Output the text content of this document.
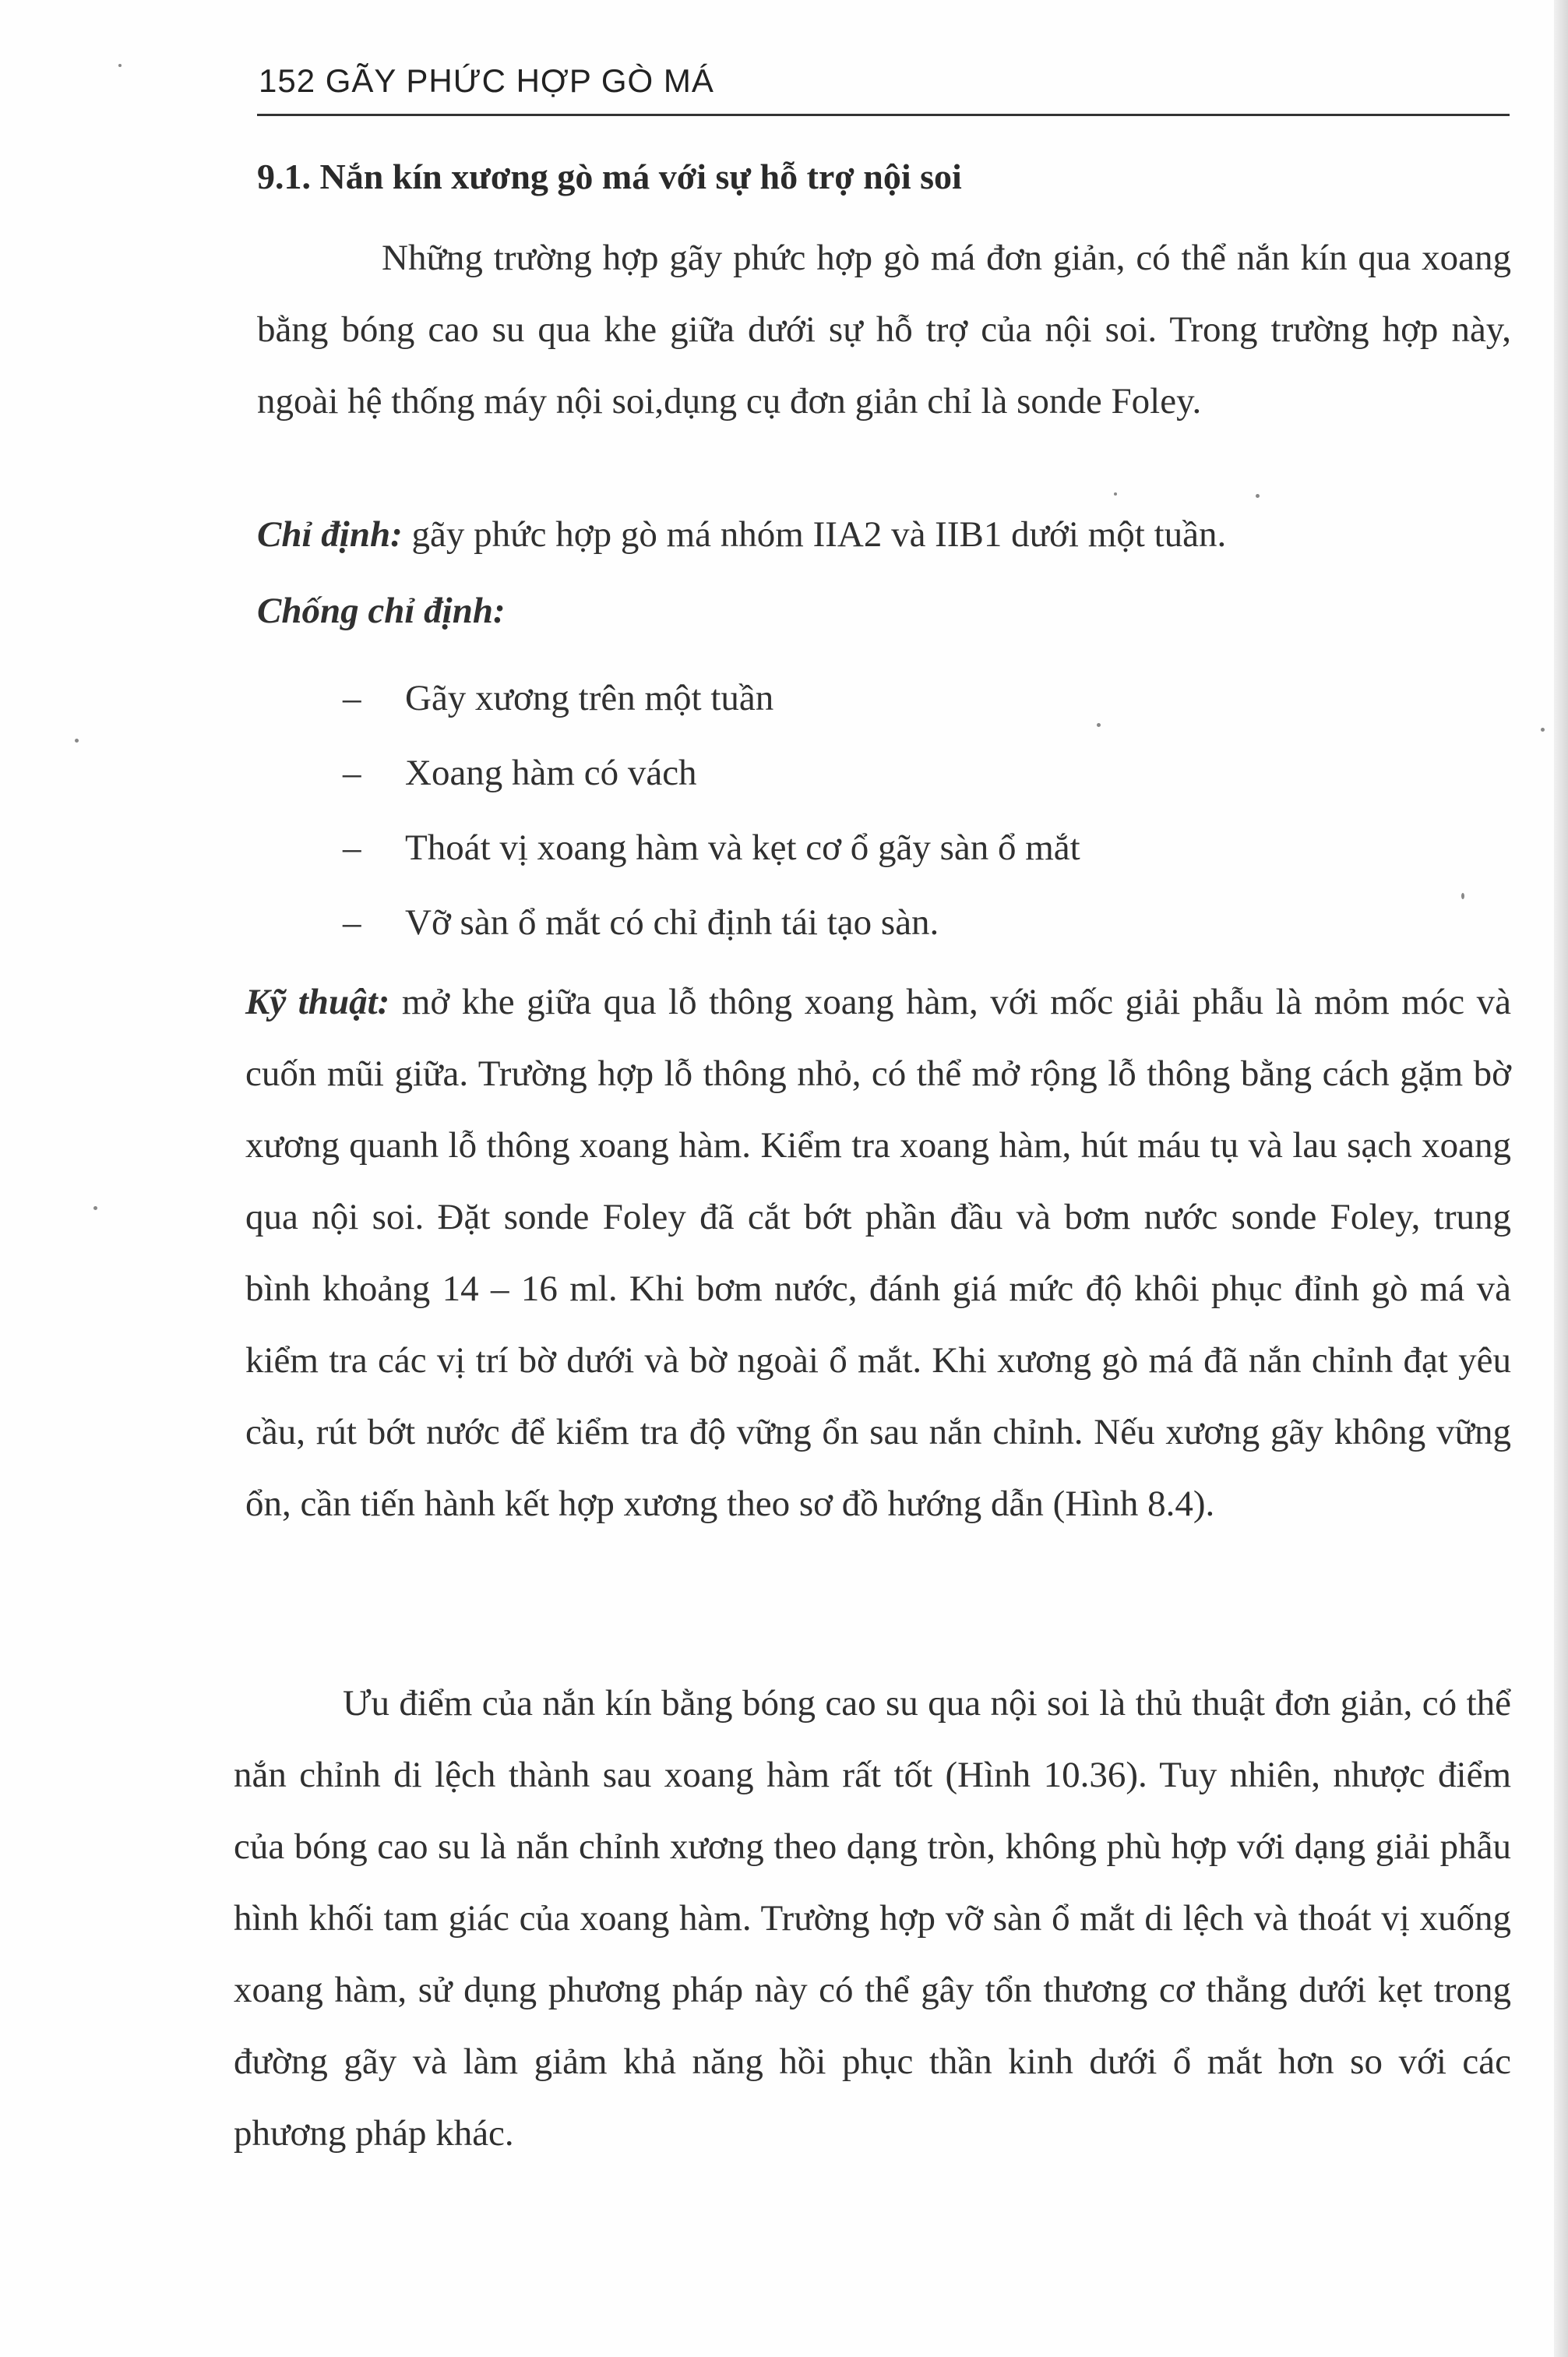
152 GÃY PHỨC HỢP GÒ MÁ
9.1. Nắn kín xương gò má với sự hỗ trợ nội soi
Những trường hợp gãy phức hợp gò má đơn giản, có thể nắn kín qua xoang bằng bóng cao su qua khe giữa dưới sự hỗ trợ của nội soi. Trong trường hợp này, ngoài hệ thống máy nội soi,dụng cụ đơn giản chỉ là sonde Foley.
Chỉ định: gãy phức hợp gò má nhóm IIA2 và IIB1 dưới một tuần.
Chống chỉ định:
– Gãy xương trên một tuần
– Xoang hàm có vách
– Thoát vị xoang hàm và kẹt cơ ổ gãy sàn ổ mắt
– Vỡ sàn ổ mắt có chỉ định tái tạo sàn.
Kỹ thuật: mở khe giữa qua lỗ thông xoang hàm, với mốc giải phẫu là mỏm móc và cuốn mũi giữa. Trường hợp lỗ thông nhỏ, có thể mở rộng lỗ thông bằng cách gặm bờ xương quanh lỗ thông xoang hàm. Kiểm tra xoang hàm, hút máu tụ và lau sạch xoang qua nội soi. Đặt sonde Foley đã cắt bớt phần đầu và bơm nước sonde Foley, trung bình khoảng 14 – 16 ml. Khi bơm nước, đánh giá mức độ khôi phục đỉnh gò má và kiểm tra các vị trí bờ dưới và bờ ngoài ổ mắt. Khi xương gò má đã nắn chỉnh đạt yêu cầu, rút bớt nước để kiểm tra độ vững ổn sau nắn chỉnh. Nếu xương gãy không vững ổn, cần tiến hành kết hợp xương theo sơ đồ hướng dẫn (Hình 8.4).
Ưu điểm của nắn kín bằng bóng cao su qua nội soi là thủ thuật đơn giản, có thể nắn chỉnh di lệch thành sau xoang hàm rất tốt (Hình 10.36). Tuy nhiên, nhược điểm của bóng cao su là nắn chỉnh xương theo dạng tròn, không phù hợp với dạng giải phẫu hình khối tam giác của xoang hàm. Trường hợp vỡ sàn ổ mắt di lệch và thoát vị xuống xoang hàm, sử dụng phương pháp này có thể gây tổn thương cơ thẳng dưới kẹt trong đường gãy và làm giảm khả năng hồi phục thần kinh dưới ổ mắt hơn so với các phương pháp khác.
